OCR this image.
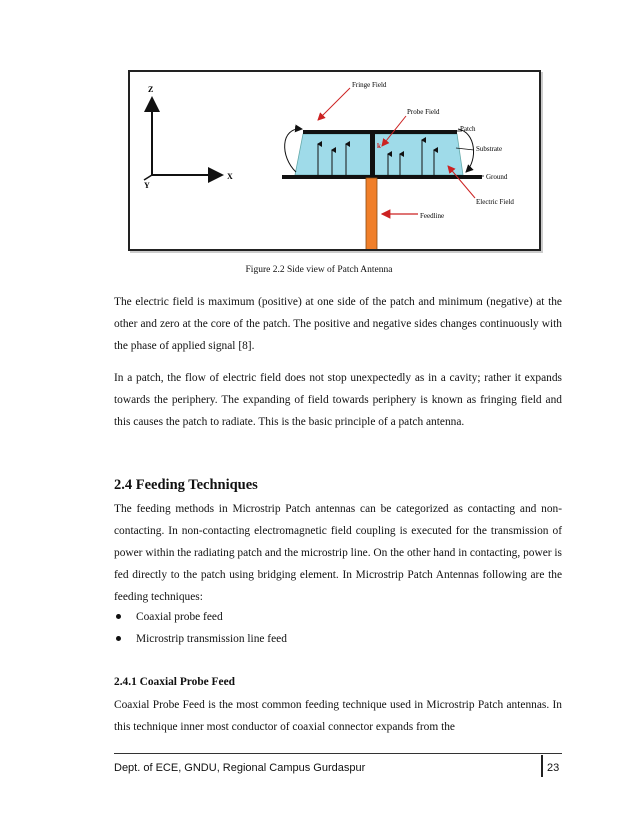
Z
X
Y
Fringe Field
Probe Field
Patch
Substrate
Ground
Electric Field
Feedline
k
Figure 2.2 Side view of Patch Antenna

The electric field is maximum (positive) at one side of the patch and minimum (negative) at the other and zero at the core of the patch. The positive and negative sides changes continuously with the phase of applied signal [8].

In a patch, the flow of electric field does not stop unexpectedly as in a cavity; rather it expands towards the periphery. The expanding of field towards periphery is known as fringing field and this causes the patch to radiate. This is the basic principle of a patch antenna.

2.4 Feeding Techniques

The feeding methods in Microstrip Patch antennas can be categorized as contacting and non-contacting. In non-contacting electromagnetic field coupling is executed for the transmission of power within the radiating patch and the microstrip line. On the other hand in contacting, power is fed directly to the patch using bridging element. In Microstrip Patch Antennas following are the feeding techniques:

Coaxial probe feed
Microstrip transmission line feed
2.4.1 Coaxial Probe Feed

Coaxial Probe Feed is the most common feeding technique used in Microstrip Patch antennas. In this technique inner most conductor of coaxial connector expands from the

Dept. of ECE, GNDU, Regional Campus Gurdaspur	23
